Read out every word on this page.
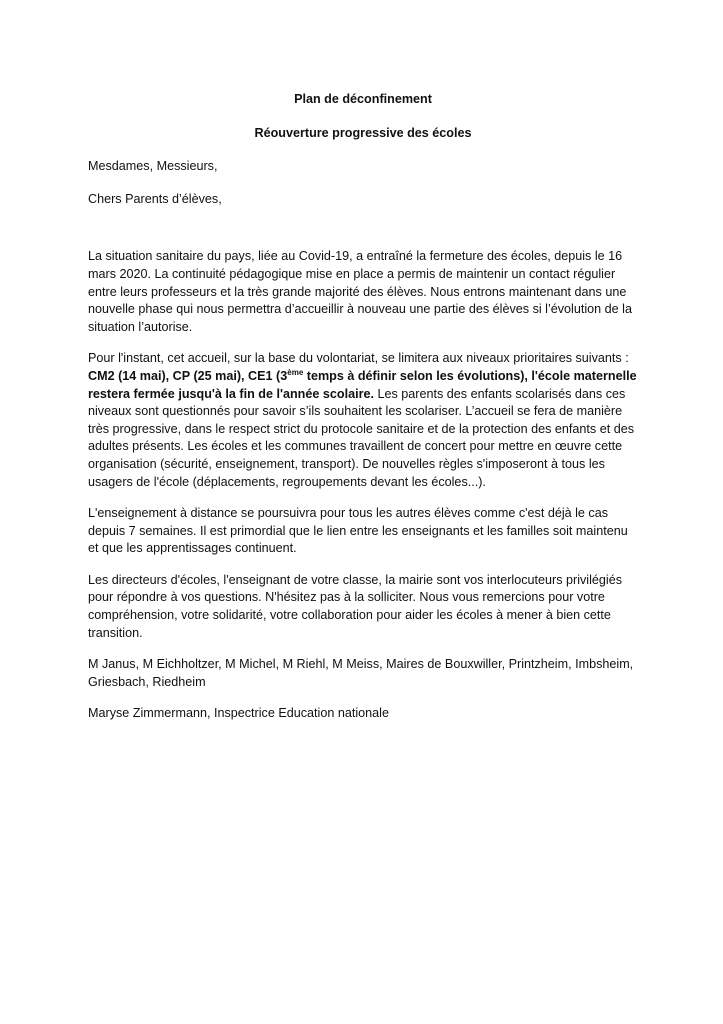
Plan de déconfinement

Réouverture progressive des écoles

Mesdames, Messieurs,

Chers Parents d’élèves,

La situation sanitaire du pays, liée au Covid-19, a entraîné la fermeture des écoles, depuis le 16 mars 2020. La continuité pédagogique mise en place a permis de maintenir un contact régulier entre leurs professeurs et la très grande majorité des élèves. Nous entrons maintenant dans une nouvelle phase qui nous permettra d’accueillir à nouveau une partie des élèves si l’évolution de la situation l’autorise.

Pour l'instant, cet accueil, sur la base du volontariat, se limitera aux niveaux prioritaires suivants : CM2 (14 mai), CP (25 mai), CE1 (3ème temps à définir selon les évolutions), l'école maternelle restera fermée jusqu'à la fin de l'année scolaire. Les parents des enfants scolarisés dans ces niveaux sont questionnés pour savoir s’ils souhaitent les scolariser. L’accueil se fera de manière très progressive, dans le respect strict du protocole sanitaire et de la protection des enfants et des adultes présents. Les écoles et les communes travaillent de concert pour mettre en œuvre cette organisation (sécurité, enseignement, transport). De nouvelles règles s'imposeront à tous les usagers de l'école (déplacements, regroupements devant les écoles...).

L'enseignement à distance se poursuivra pour tous les autres élèves comme c'est déjà le cas depuis 7 semaines. Il est primordial que le lien entre les enseignants et les familles soit maintenu et que les apprentissages continuent.

Les directeurs d'écoles, l'enseignant de votre classe, la mairie sont vos interlocuteurs privilégiés pour répondre à vos questions. N'hésitez pas à la solliciter. Nous vous remercions pour votre compréhension, votre solidarité, votre collaboration pour aider les écoles à mener à bien cette transition.

M Janus, M Eichholtzer, M Michel, M Riehl, M Meiss, Maires de Bouxwiller, Printzheim, Imbsheim, Griesbach, Riedheim

Maryse Zimmermann, Inspectrice Education nationale
